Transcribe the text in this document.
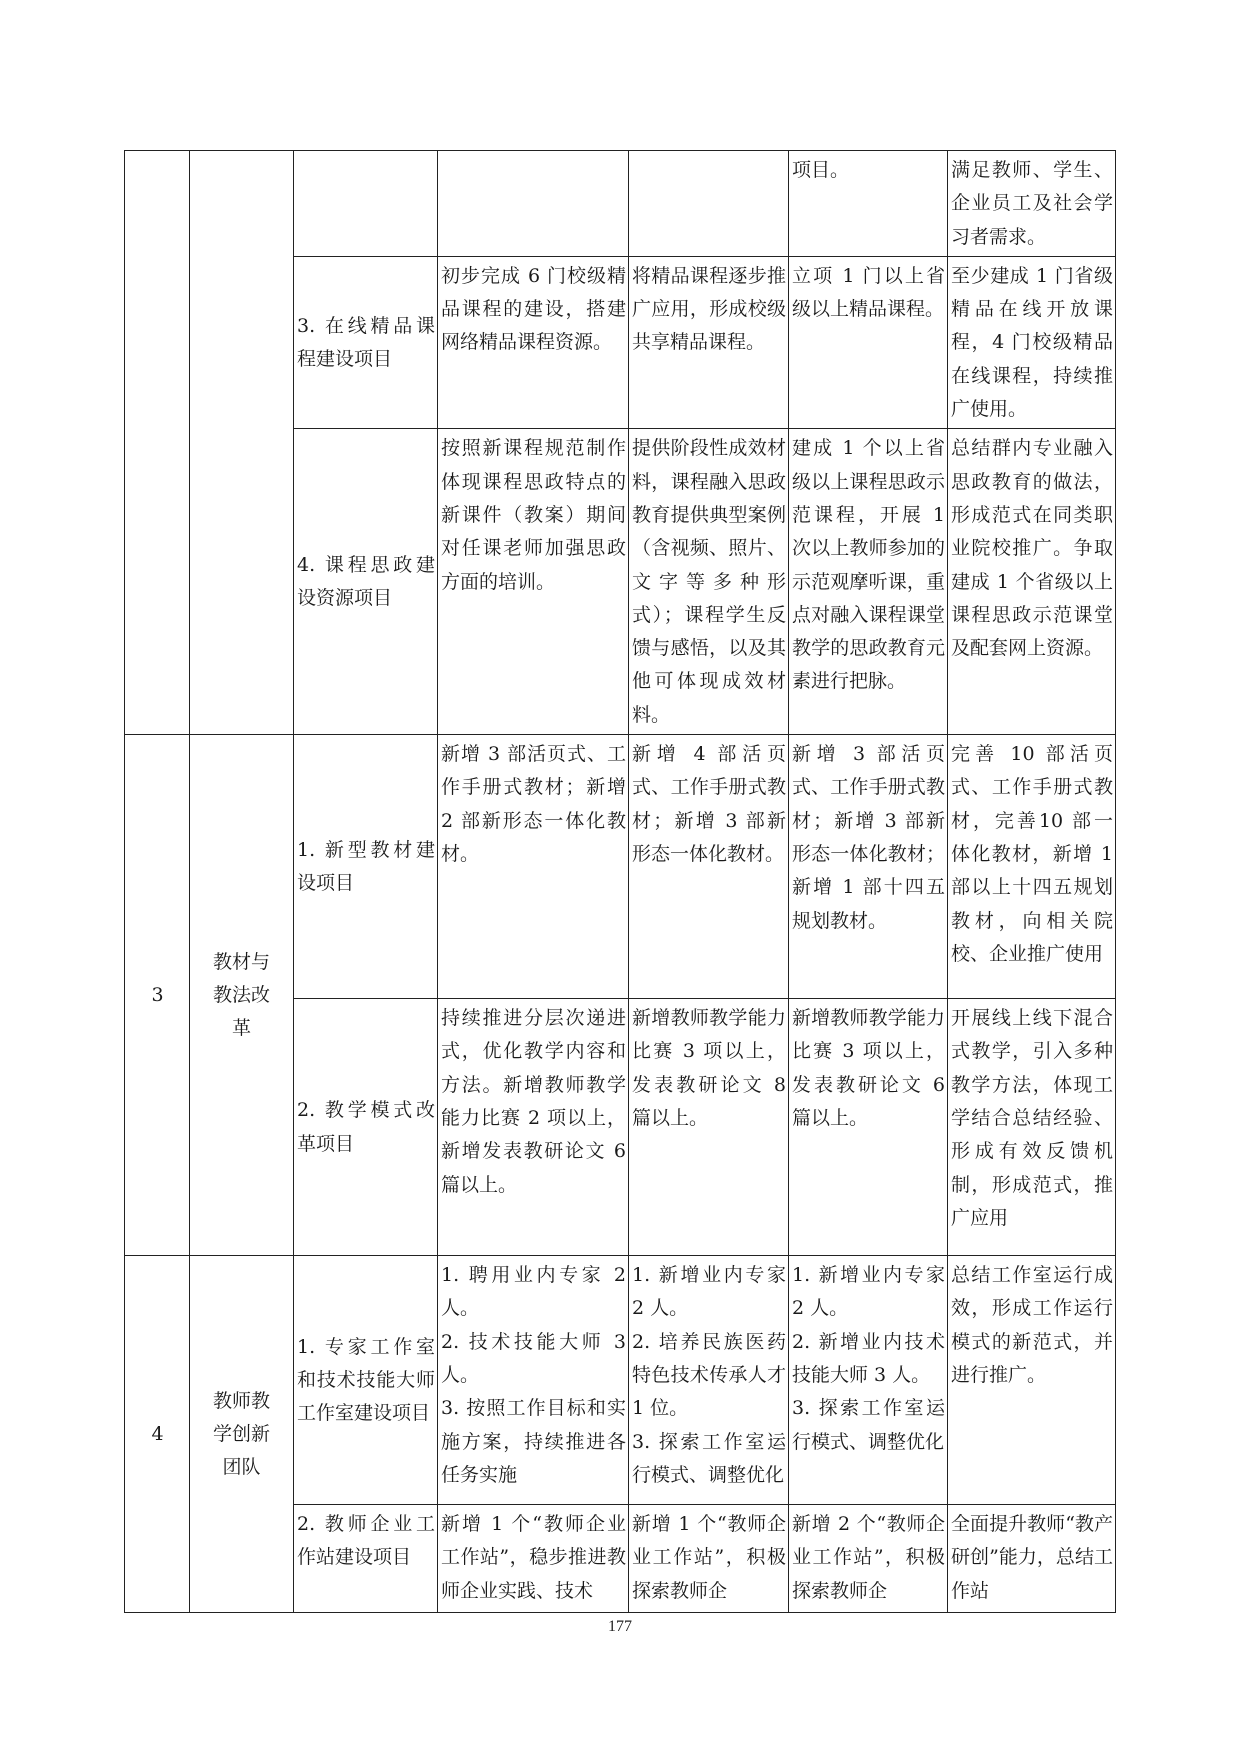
					项目。	满足教师、学生、企业员工及社会学习者需求。
		3. 在线精品课程建设项目	初步完成 6 门校级精品课程的建设，搭建网络精品课程资源。	将精品课程逐步推广应用，形成校级共享精品课程。	立项 1 门以上省级以上精品课程。	至少建成 1 门省级精品在线开放课程，4 门校级精品在线课程，持续推广使用。
		4. 课程思政建设资源项目	按照新课程规范制作体现课程思政特点的新课件（教案）期间对任课老师加强思政方面的培训。	提供阶段性成效材料，课程融入思政教育提供典型案例（含视频、照片、文字等多种形式）；课程学生反馈与感悟，以及其他可体现成效材料。	建成 1 个以上省级以上课程思政示范课程，开展 1 次以上教师参加的示范观摩听课，重点对融入课程课堂教学的思政教育元素进行把脉。	总结群内专业融入思政教育的做法，形成范式在同类职业院校推广。争取建成 1 个省级以上课程思政示范课堂及配套网上资源。
3	教材与教法改革	1. 新型教材建设项目	新增 3 部活页式、工作手册式教材；新增 2 部新形态一体化教材。	新增 4 部活页式、工作手册式教材；新增 3 部新形态一体化教材。	新增 3 部活页式、工作手册式教材；新增 3 部新形态一体化教材；新增 1 部十四五规划教材。	完善 10 部活页式、工作手册式教材，完善10 部一体化教材，新增 1 部以上十四五规划教材，向相关院校、企业推广使用
		2. 教学模式改革项目	持续推进分层次递进式，优化教学内容和方法。新增教师教学能力比赛 2 项以上，新增发表教研论文 6 篇以上。	新增教师教学能力比赛 3 项以上，发表教研论文 8 篇以上。	新增教师教学能力比赛 3 项以上，发表教研论文 6 篇以上。	开展线上线下混合式教学，引入多种教学方法，体现工学结合总结经验、形成有效反馈机制，形成范式，推广应用
4	教师教学创新团队	1. 专家工作室和技术技能大师工作室建设项目	1. 聘用业内专家 2 人。
2. 技术技能大师 3 人。
3. 按照工作目标和实施方案，持续推进各任务实施	1. 新增业内专家 2 人。
2. 培养民族医药特色技术传承人才 1 位。
3. 探索工作室运行模式、调整优化	1. 新增业内专家 2 人。
2. 新增业内技术技能大师 3 人。
3. 探索工作室运行模式、调整优化	总结工作室运行成效，形成工作运行模式的新范式，并进行推广。
		2. 教师企业工作站建设项目	新增 1 个“教师企业工作站”，稳步推进教师企业实践、技术	新增 1 个“教师企业工作站”，积极探索教师企	新增 2 个“教师企业工作站”，积极探索教师企	全面提升教师“教产研创”能力，总结工作站
177
